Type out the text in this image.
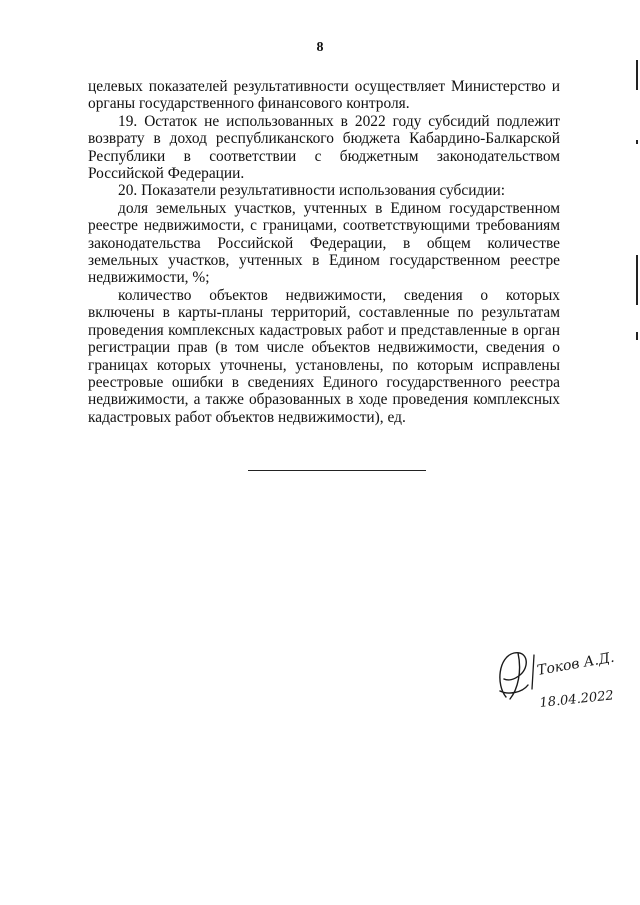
8

целевых показателей результативности осуществляет Министерство и органы государственного финансового контроля.

19. Остаток не использованных в 2022 году субсидий подлежит возврату в доход республиканского бюджета Кабардино-Балкарской Республики в соответствии с бюджетным законодательством Российской Федерации.

20. Показатели результативности использования субсидии:

доля земельных участков, учтенных в Едином государственном реестре недвижимости, с границами, соответствующими требованиям законодательства Российской Федерации, в общем количестве земельных участков, учтенных в Едином государственном реестре недвижимости, %;

количество объектов недвижимости, сведения о которых включены в карты-планы территорий, составленные по результатам проведения комплексных кадастровых работ и представленные в орган регистрации прав (в том числе объектов недвижимости, сведения о границах которых уточнены, установлены, по которым исправлены реестровые ошибки в сведениях Единого государственного реестра недвижимости, а также образованных в ходе проведения комплексных кадастровых работ объектов недвижимости), ед.

Токов А.Д.
18.04.2022
